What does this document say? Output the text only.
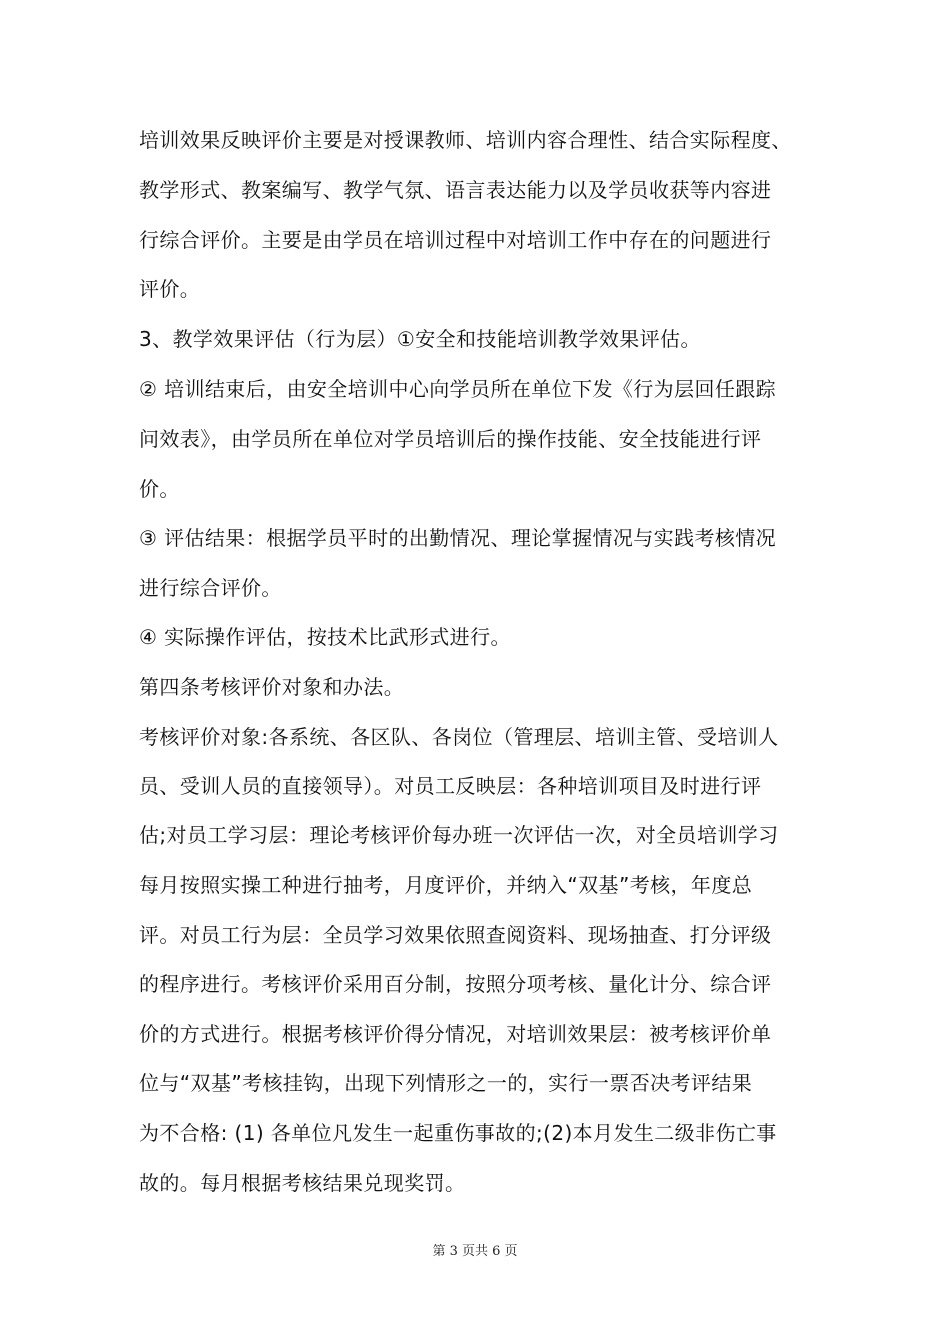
培训效果反映评价主要是对授课教师、培训内容合理性、结合实际程度、
教学形式、教案编写、教学气氛、语言表达能力以及学员收获等内容进
行综合评价。主要是由学员在培训过程中对培训工作中存在的问题进行
评价。
3、教学效果评估（行为层）①安全和技能培训教学效果评估。
② 培训结束后，由安全培训中心向学员所在单位下发《行为层回任跟踪
问效表》，由学员所在单位对学员培训后的操作技能、安全技能进行评
价。
③ 评估结果：根据学员平时的出勤情况、理论掌握情况与实践考核情况
进行综合评价。
④ 实际操作评估，按技术比武形式进行。
第四条考核评价对象和办法。
考核评价对象:各系统、各区队、各岗位（管理层、培训主管、受培训人
员、受训人员的直接领导）。对员工反映层：各种培训项目及时进行评
估;对员工学习层：理论考核评价每办班一次评估一次，对全员培训学习
每月按照实操工种进行抽考，月度评价，并纳入“双基”考核，年度总
评。对员工行为层：全员学习效果依照查阅资料、现场抽查、打分评级
的程序进行。考核评价采用百分制，按照分项考核、量化计分、综合评
价的方式进行。根据考核评价得分情况，对培训效果层：被考核评价单
位与“双基”考核挂钩，出现下列情形之一的，实行一票否决考评结果
为不合格: (1) 各单位凡发生一起重伤事故的;(2)本月发生二级非伤亡事
故的。每月根据考核结果兑现奖罚。
第 3 页共 6 页
